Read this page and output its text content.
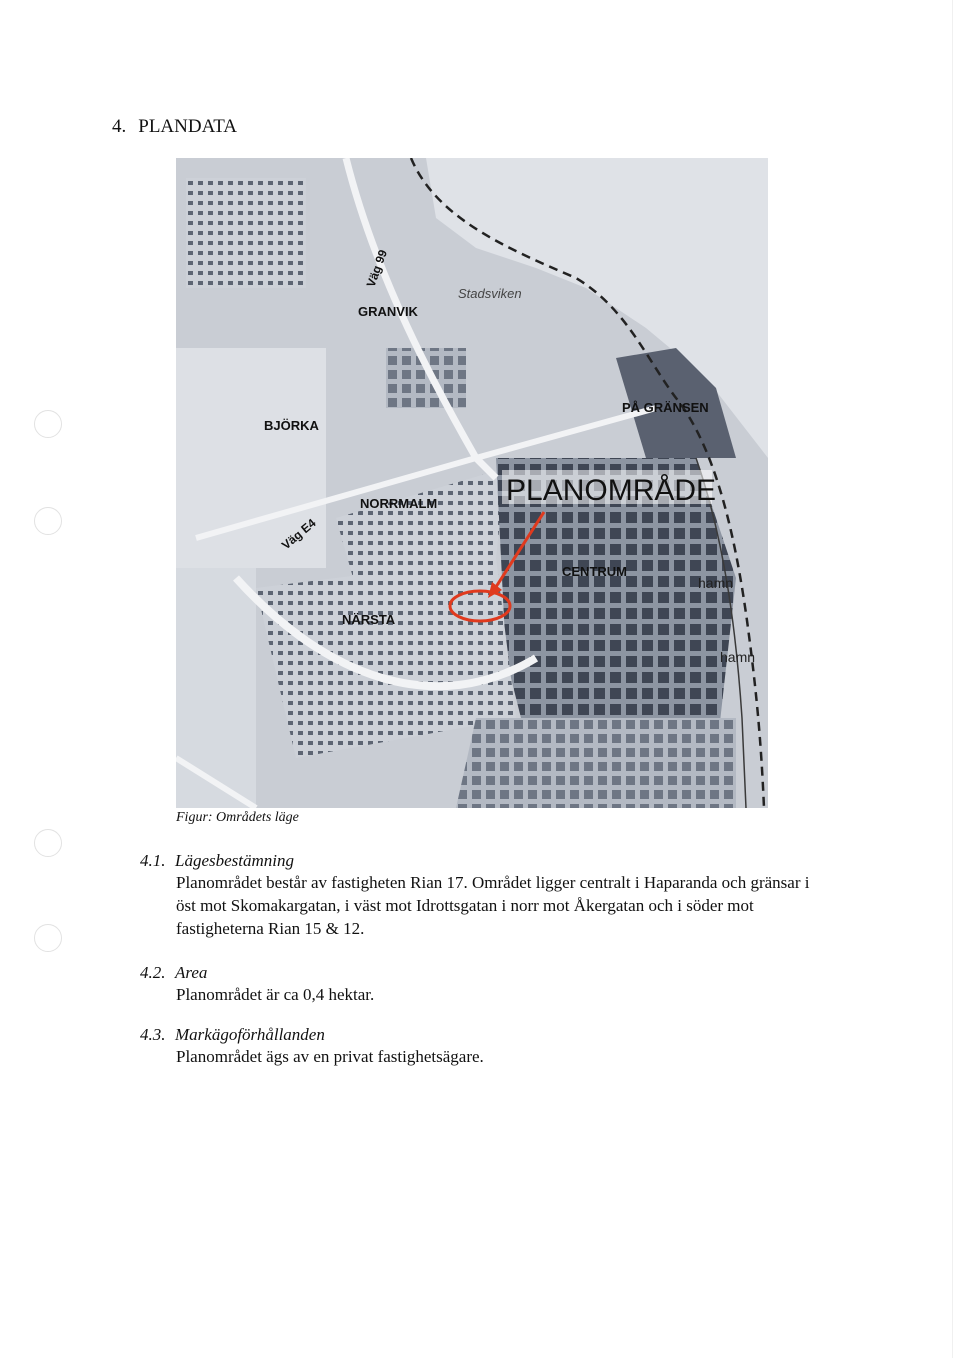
4. PLANDATA
Väg 99
Stadsviken
GRANVIK
BJÖRKA
PÅ GRÄNSEN
NORRMALM PLANOMRÅDE
Väg E4
CENTRUM
hamn
NÄRSTA
hamn
Figur: Områdets läge
4.1. Lägesbestämning

Planområdet består av fastigheten Rian 17. Området ligger centralt i Haparanda och gränsar i öst mot Skomakargatan, i väst mot Idrottsgatan i norr mot Åkergatan och i söder mot fastigheterna Rian 15 & 12.

4.2. Area

Planområdet är ca 0,4 hektar.

4.3. Markägoförhållanden

Planområdet ägs av en privat fastighetsägare.
